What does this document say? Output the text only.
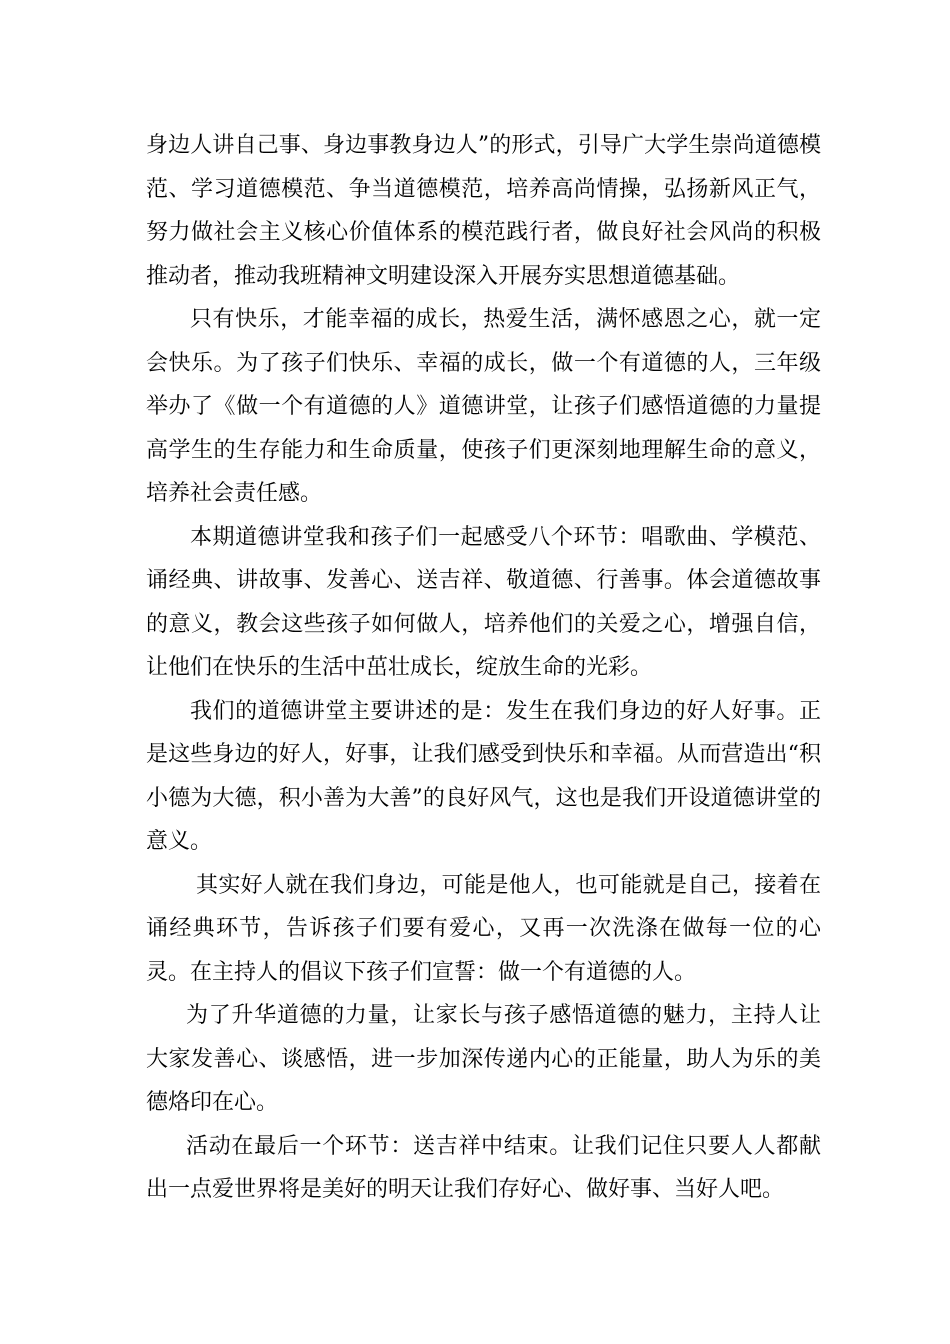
身边人讲自己事、身边事教身边人”的形式，引导广大学生崇尚道德模范、学习道德模范、争当道德模范，培养高尚情操，弘扬新风正气，努力做社会主义核心价值体系的模范践行者，做良好社会风尚的积极推动者，推动我班精神文明建设深入开展夯实思想道德基础。

只有快乐，才能幸福的成长，热爱生活，满怀感恩之心，就一定会快乐。为了孩子们快乐、幸福的成长，做一个有道德的人，三年级举办了《做一个有道德的人》道德讲堂，让孩子们感悟道德的力量提高学生的生存能力和生命质量，使孩子们更深刻地理解生命的意义，培养社会责任感。

本期道德讲堂我和孩子们一起感受八个环节：唱歌曲、学模范、诵经典、讲故事、发善心、送吉祥、敬道德、行善事。体会道德故事的意义，教会这些孩子如何做人，培养他们的关爱之心，增强自信，让他们在快乐的生活中茁壮成长，绽放生命的光彩。

我们的道德讲堂主要讲述的是：发生在我们身边的好人好事。正是这些身边的好人，好事，让我们感受到快乐和幸福。从而营造出“积小德为大德，积小善为大善”的良好风气，这也是我们开设道德讲堂的意义。

其实好人就在我们身边，可能是他人，也可能就是自己，接着在诵经典环节，告诉孩子们要有爱心，又再一次洗涤在做每一位的心灵。在主持人的倡议下孩子们宣誓：做一个有道德的人。

为了升华道德的力量，让家长与孩子感悟道德的魅力，主持人让大家发善心、谈感悟，进一步加深传递内心的正能量，助人为乐的美德烙印在心。

活动在最后一个环节：送吉祥中结束。让我们记住只要人人都献出一点爱世界将是美好的明天让我们存好心、做好事、当好人吧。
